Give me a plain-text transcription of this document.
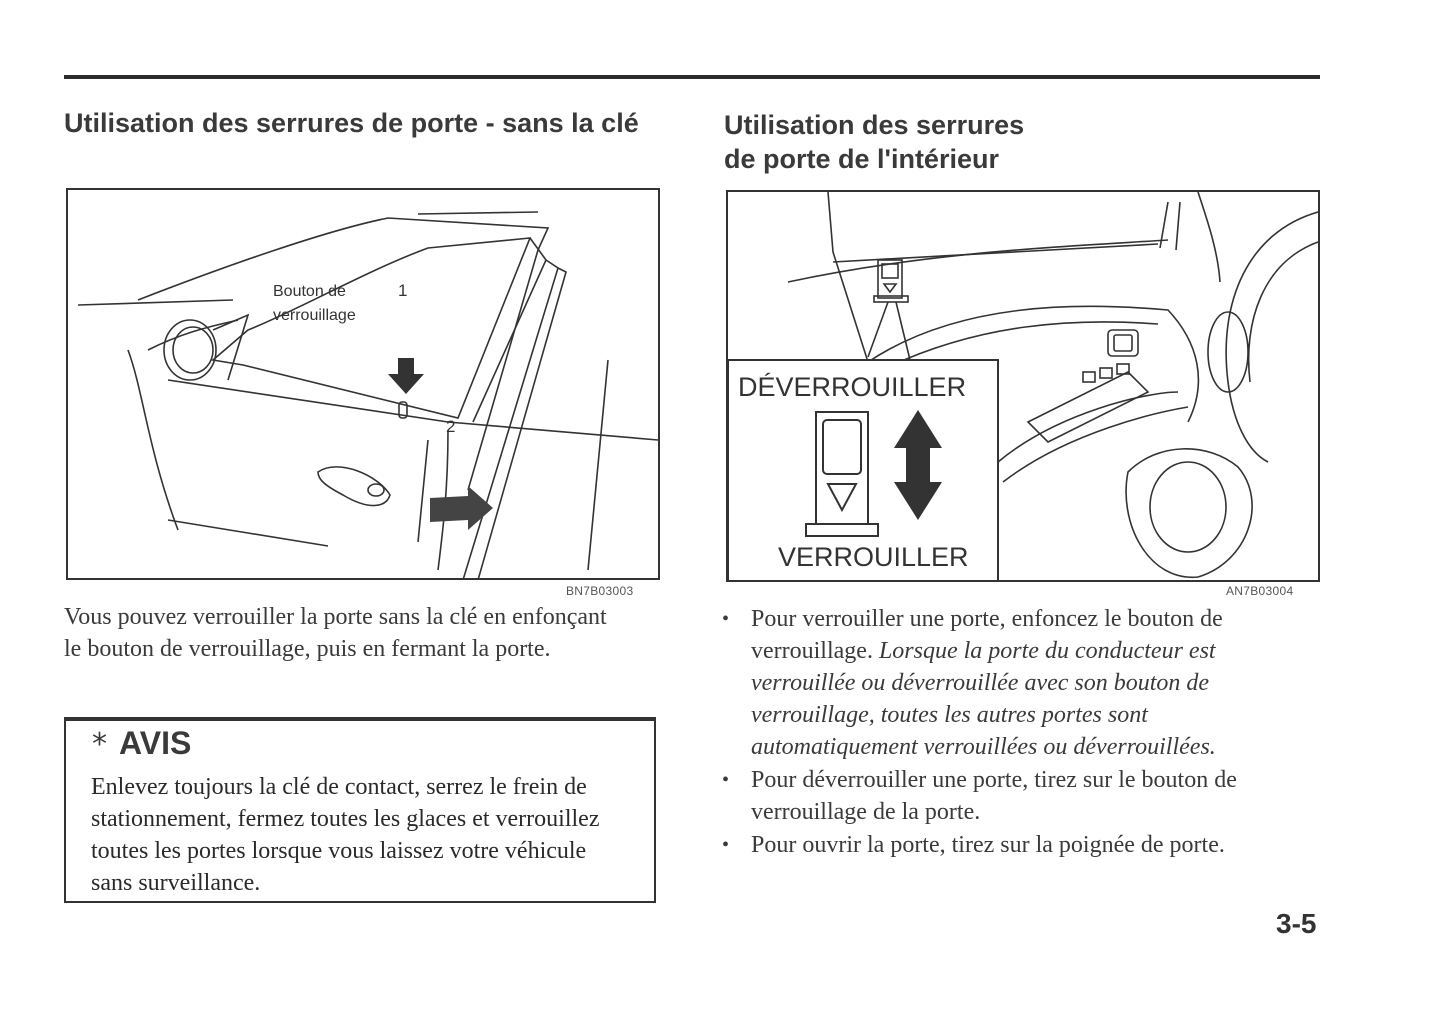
Utilisation des serrures de porte - sans la clé	Utilisation des serrures
de porte de l'intérieur
Bouton de
verrouillage
1
2
BN7B03003
DÉVERROUILLER
VERROUILLER
AN7B03004

Vous pouvez verrouiller la porte sans la clé en enfonçant le bouton de verrouillage, puis en fermant la porte.

* AVIS

Enlevez toujours la clé de contact, serrez le frein de stationnement, fermez toutes les glaces et verrouillez toutes les portes lorsque vous laissez votre véhicule sans surveillance.

• Pour verrouiller une porte, enfoncez le bouton de verrouillage. Lorsque la porte du conducteur est verrouillée ou déverrouillée avec son bouton de verrouillage, toutes les autres portes sont automatiquement verrouillées ou déverrouillées.
• Pour déverrouiller une porte, tirez sur le bouton de verrouillage de la porte.
• Pour ouvrir la porte, tirez sur la poignée de porte.
3-5
